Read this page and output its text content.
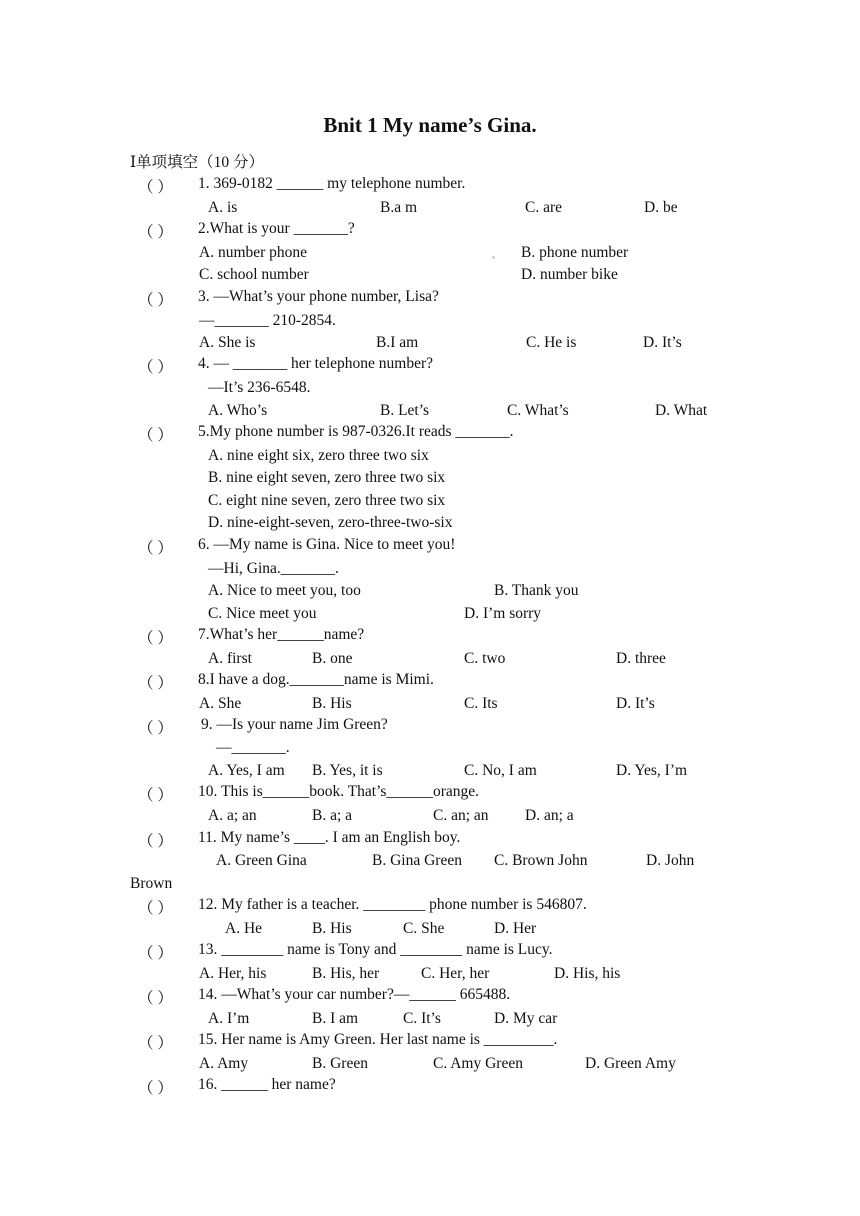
Bnit 1 My name’s Gina.
Ⅰ单项填空（10 分）
（ ） 1. 369-0182 ______ my telephone number.
A. is	B.a m	C. are	D. be
（ ） 2.What is your _______?
A. number phone	B. phone number
C. school number	D. number bike
（ ） 3. —What’s your phone number, Lisa?
—_______ 210-2854.
A. She is	B.I am	C. He is	D. It’s
（ ） 4. — _______ her telephone number?
—It’s 236-6548.
A. Who’s	B. Let’s	C. What’s	D. What
（ ） 5.My phone number is 987-0326.It reads _______.
A. nine eight six, zero three two six
B. nine eight seven, zero three two six
C. eight nine seven, zero three two six
D. nine-eight-seven, zero-three-two-six
（ ） 6. —My name is Gina. Nice to meet you!
—Hi, Gina._______.
A. Nice to meet you, too	B. Thank you
C. Nice meet you	D. I’m sorry
（ ） 7.What’s her______name?
A. first	B. one	C. two	D. three
（ ） 8.I have a dog._______name is Mimi.
A. She	B. His	C. Its	D. It’s
（ ） 9. —Is your name Jim Green?
—_______.
A. Yes, I am B. Yes, it is	C. No, I am	D. Yes, I’m
（ ） 10. This is______book. That’s______orange.
A. a; an	B. a; a	C. an; an D. an; a
（ ） 11. My name’s ____. I am an English boy.
A. Green Gina	B. Gina Green C. Brown John	D. John
Brown
（ ） 12. My father is a teacher. ________ phone number is 546807.
A. He	B. His	C. She	D. Her
（ ） 13. ________ name is Tony and ________ name is Lucy.
A. Her, his	B. His, her	C. Her, her	D. His, his
（ ） 14. ―What’s your car number?―______ 665488.
A. I’m	B. I am	C. It’s	D. My car
（ ） 15. Her name is Amy Green. Her last name is _________.
A. Amy	B. Green	C. Amy Green	D. Green Amy
（ ） 16. ______ her name?
